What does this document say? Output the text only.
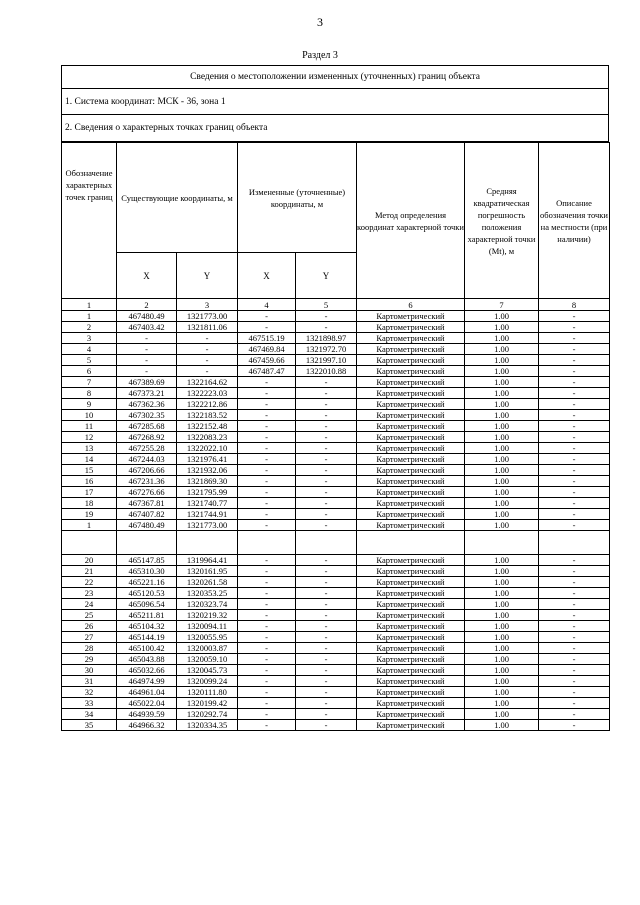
3
Раздел 3
Сведения о местоположении измененных (уточненных) границ объекта
1. Система координат: МСК - 36, зона 1
2. Сведения о характерных точках границ объекта
Обозначение характерных точек границ	Существующие координаты, м		Измененные (уточненные) координаты, м		Метод определения координат характерной точки	Средняя квадратическая погрешность положения характерной точки (Mt), м	Описание обозначения точки на местности (при наличии)
	X	Y	X	Y			
1	2	3	4	5	6	7	8
1	467480.49	1321773.00	-	-	Картометрический	1.00	-
2	467403.42	1321811.06	-	-	Картометрический	1.00	-
3	-	-	467515.19	1321898.97	Картометрический	1.00	-
4	-	-	467469.84	1321972.70	Картометрический	1.00	-
5	-	-	467459.66	1321997.10	Картометрический	1.00	-
6	-	-	467487.47	1322010.88	Картометрический	1.00	-
7	467389.69	1322164.62	-	-	Картометрический	1.00	-
8	467373.21	1322223.03	-	-	Картометрический	1.00	-
9	467362.36	1322212.86	-	-	Картометрический	1.00	-
10	467302.35	1322183.52	-	-	Картометрический	1.00	-
11	467285.68	1322152.48	-	-	Картометрический	1.00	-
12	467268.92	1322083.23	-	-	Картометрический	1.00	-
13	467255.28	1322022.10	-	-	Картометрический	1.00	-
14	467244.03	1321976.41	-	-	Картометрический	1.00	-
15	467206.66	1321932.06	-	-	Картометрический	1.00	-
16	467231.36	1321869.30	-	-	Картометрический	1.00	-
17	467276.66	1321795.99	-	-	Картометрический	1.00	-
18	467367.81	1321740.77	-	-	Картометрический	1.00	-
19	467407.82	1321744.91	-	-	Картометрический	1.00	-
1	467480.49	1321773.00	-	-	Картометрический	1.00	-

20	465147.85	1319964.41	-	-	Картометрический	1.00	-
21	465310.30	1320161.95	-	-	Картометрический	1.00	-
22	465221.16	1320261.58	-	-	Картометрический	1.00	-
23	465120.53	1320353.25	-	-	Картометрический	1.00	-
24	465096.54	1320323.74	-	-	Картометрический	1.00	-
25	465211.81	1320219.32	-	-	Картометрический	1.00	-
26	465104.32	1320094.11	-	-	Картометрический	1.00	-
27	465144.19	1320055.95	-	-	Картометрический	1.00	-
28	465100.42	1320003.87	-	-	Картометрический	1.00	-
29	465043.88	1320059.10	-	-	Картометрический	1.00	-
30	465032.66	1320045.73	-	-	Картометрический	1.00	-
31	464974.99	1320099.24	-	-	Картометрический	1.00	-
32	464961.04	1320111.80	-	-	Картометрический	1.00	-
33	465022.04	1320199.42	-	-	Картометрический	1.00	-
34	464939.59	1320292.74	-	-	Картометрический	1.00	-
35	464966.32	1320334.35	-	-	Картометрический	1.00	-
